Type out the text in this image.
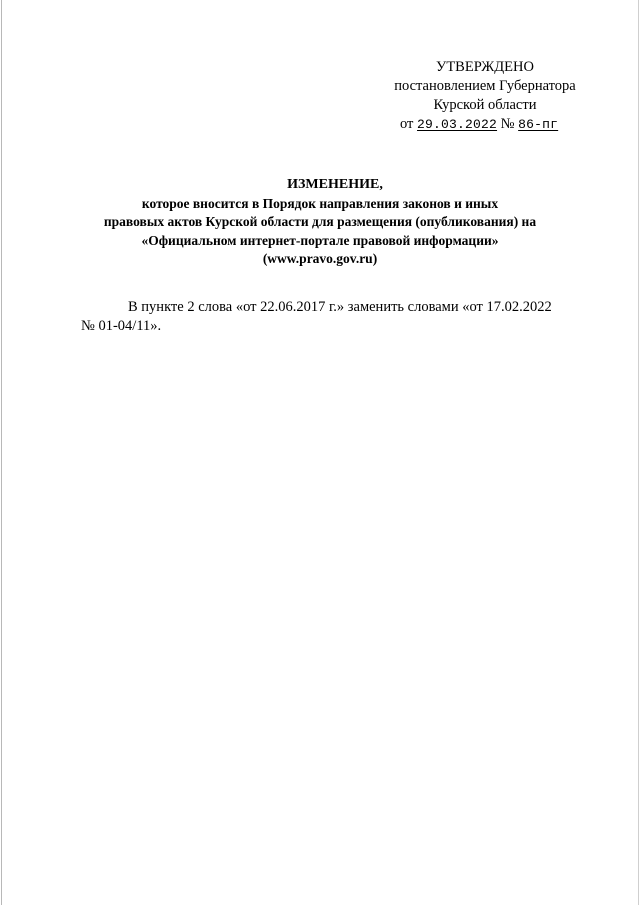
УТВЕРЖДЕНО
постановлением Губернатора
Курской области
от 29.03.2022 № 86-пг
ИЗМЕНЕНИЕ,
которое вносится в Порядок направления законов и иных
правовых актов Курской области для размещения (опубликования) на
«Официальном интернет-портале правовой информации»
(www.pravo.gov.ru)
В пункте 2 слова «от 22.06.2017 г.» заменить словами «от 17.02.2022
№ 01-04/11».
